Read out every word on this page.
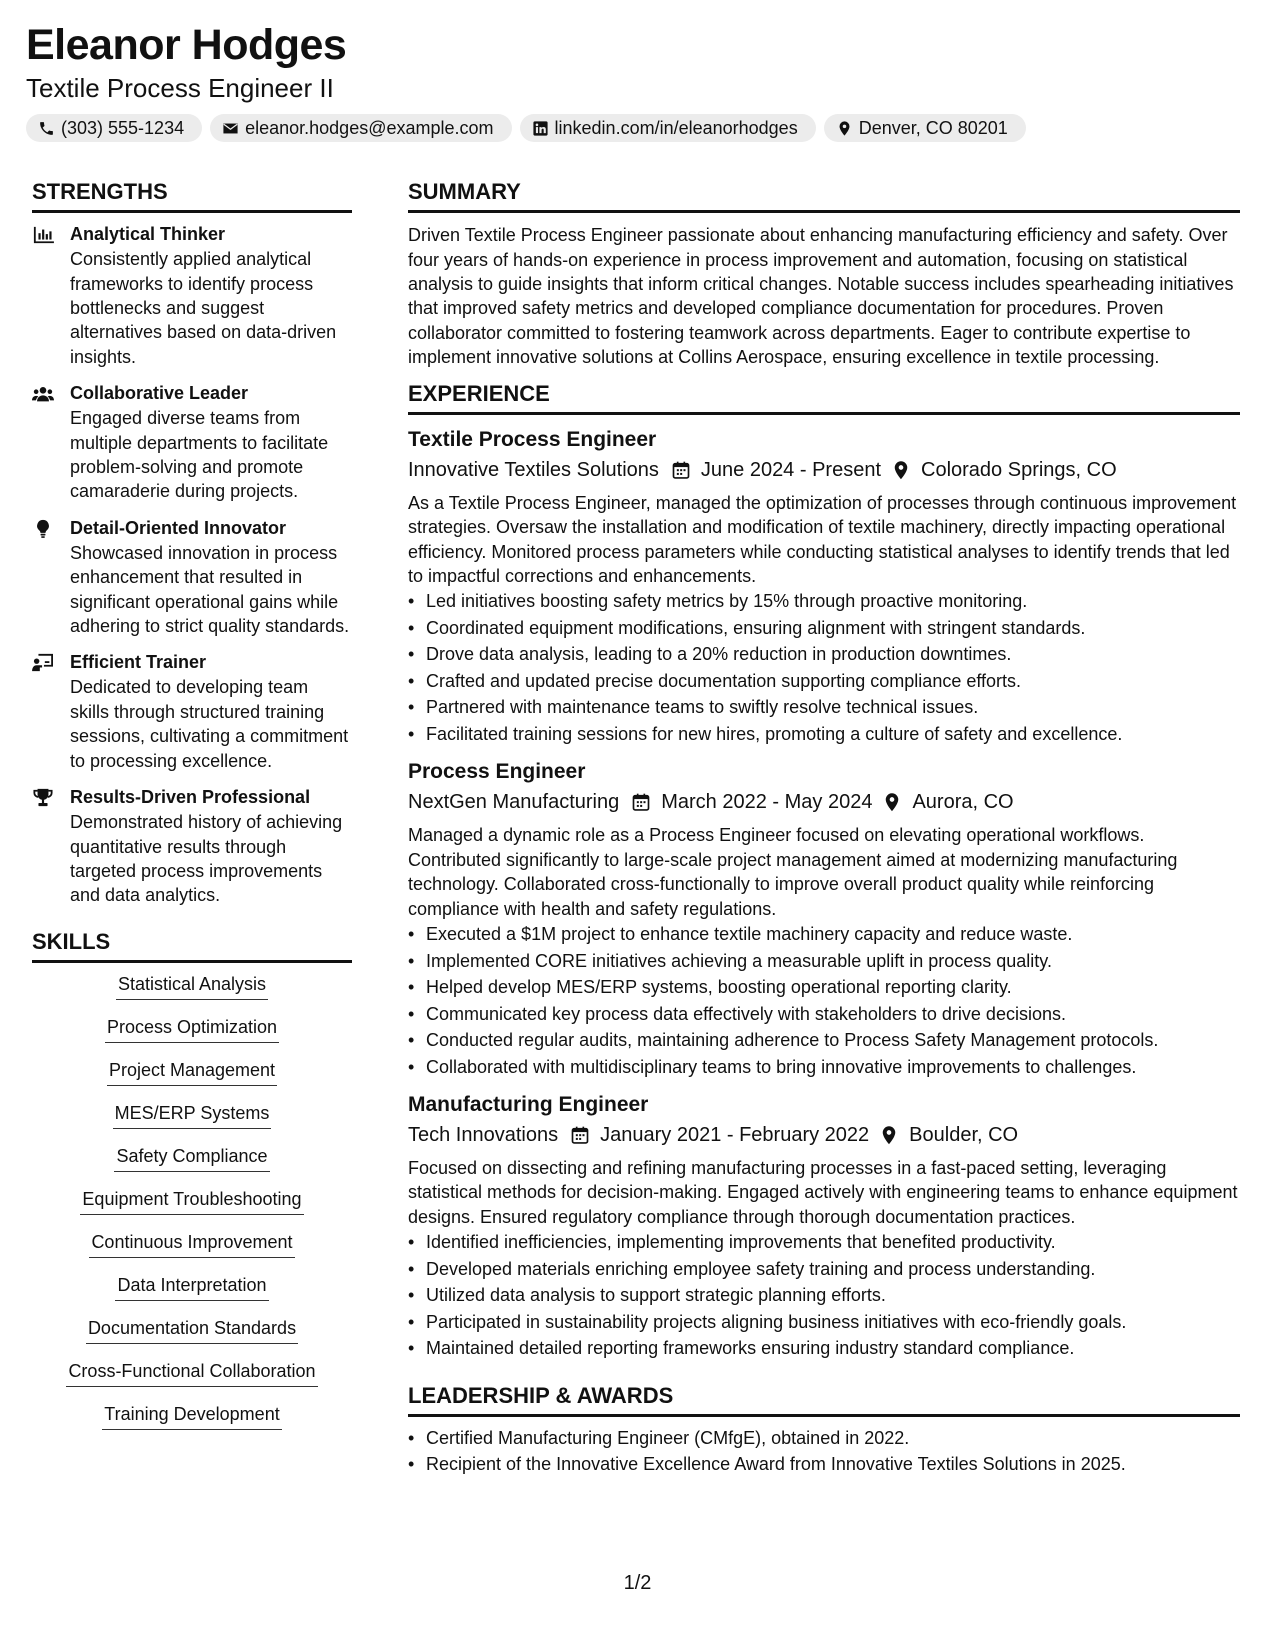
Eleanor Hodges
Textile Process Engineer II
(303) 555-1234	eleanor.hodges@example.com	linkedin.com/in/eleanorhodges	Denver, CO 80201
STRENGTHS
Analytical Thinker
Consistently applied analytical frameworks to identify process bottlenecks and suggest alternatives based on data-driven insights.
Collaborative Leader
Engaged diverse teams from multiple departments to facilitate problem-solving and promote camaraderie during projects.
Detail-Oriented Innovator
Showcased innovation in process enhancement that resulted in significant operational gains while adhering to strict quality standards.
Efficient Trainer
Dedicated to developing team skills through structured training sessions, cultivating a commitment to processing excellence.
Results-Driven Professional
Demonstrated history of achieving quantitative results through targeted process improvements and data analytics.
SKILLS
Statistical Analysis
Process Optimization
Project Management
MES/ERP Systems
Safety Compliance
Equipment Troubleshooting
Continuous Improvement
Data Interpretation
Documentation Standards
Cross-Functional Collaboration
Training Development
SUMMARY

Driven Textile Process Engineer passionate about enhancing manufacturing efficiency and safety. Over four years of hands-on experience in process improvement and automation, focusing on statistical analysis to guide insights that inform critical changes. Notable success includes spearheading initiatives that improved safety metrics and developed compliance documentation for procedures. Proven collaborator committed to fostering teamwork across departments. Eager to contribute expertise to implement innovative solutions at Collins Aerospace, ensuring excellence in textile processing.

EXPERIENCE
Textile Process Engineer
Innovative Textiles Solutions June 2024 - Present Colorado Springs, CO
As a Textile Process Engineer, managed the optimization of processes through continuous improvement strategies. Oversaw the installation and modification of textile machinery, directly impacting operational efficiency. Monitored process parameters while conducting statistical analyses to identify trends that led to impactful corrections and enhancements.
• Led initiatives boosting safety metrics by 15% through proactive monitoring.
• Coordinated equipment modifications, ensuring alignment with stringent standards.
• Drove data analysis, leading to a 20% reduction in production downtimes.
• Crafted and updated precise documentation supporting compliance efforts.
• Partnered with maintenance teams to swiftly resolve technical issues.
• Facilitated training sessions for new hires, promoting a culture of safety and excellence.
Process Engineer
NextGen Manufacturing March 2022 - May 2024 Aurora, CO
Managed a dynamic role as a Process Engineer focused on elevating operational workflows. Contributed significantly to large-scale project management aimed at modernizing manufacturing technology. Collaborated cross-functionally to improve overall product quality while reinforcing compliance with health and safety regulations.
• Executed a $1M project to enhance textile machinery capacity and reduce waste.
• Implemented CORE initiatives achieving a measurable uplift in process quality.
• Helped develop MES/ERP systems, boosting operational reporting clarity.
• Communicated key process data effectively with stakeholders to drive decisions.
• Conducted regular audits, maintaining adherence to Process Safety Management protocols.
• Collaborated with multidisciplinary teams to bring innovative improvements to challenges.
Manufacturing Engineer
Tech Innovations January 2021 - February 2022 Boulder, CO
Focused on dissecting and refining manufacturing processes in a fast-paced setting, leveraging statistical methods for decision-making. Engaged actively with engineering teams to enhance equipment designs. Ensured regulatory compliance through thorough documentation practices.
• Identified inefficiencies, implementing improvements that benefited productivity.
• Developed materials enriching employee safety training and process understanding.
• Utilized data analysis to support strategic planning efforts.
• Participated in sustainability projects aligning business initiatives with eco-friendly goals.
• Maintained detailed reporting frameworks ensuring industry standard compliance.
LEADERSHIP & AWARDS
• Certified Manufacturing Engineer (CMfgE), obtained in 2022.
• Recipient of the Innovative Excellence Award from Innovative Textiles Solutions in 2025.
1/2
